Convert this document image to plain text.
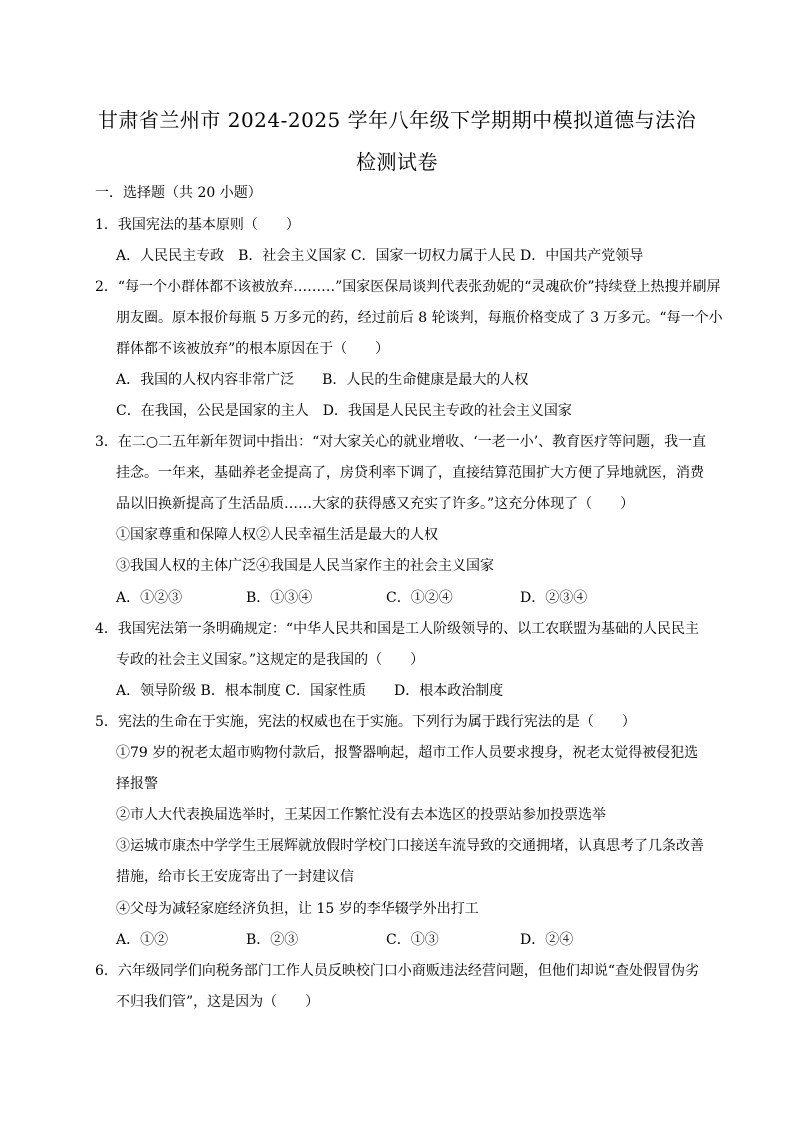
甘肃省兰州市 2024-2025 学年八年级下学期期中模拟道德与法治
检测试卷
一．选择题（共 20 小题）
1．我国宪法的基本原则（　　）
A．人民民主专政　B．社会主义国家 C．国家一切权力属于人民 D．中国共产党领导
2．“每一个小群体都不该被放弃………”国家医保局谈判代表张劲妮的“灵魂砍价”持续登上热搜并刷屏
朋友圈。原本报价每瓶 5 万多元的药，经过前后 8 轮谈判，每瓶价格变成了 3 万多元。“每一个小
群体都不该被放弃”的根本原因在于（　　）
A．我国的人权内容非常广泛　　B．人民的生命健康是最大的人权
C．在我国，公民是国家的主人　D．我国是人民民主专政的社会主义国家
3．在二○二五年新年贺词中指出：“对大家关心的就业增收、‘一老一小’、教育医疗等问题，我一直
挂念。一年来，基础养老金提高了，房贷利率下调了，直接结算范围扩大方便了异地就医，消费
品以旧换新提高了生活品质……大家的获得感又充实了许多。”这充分体现了（　　）
①国家尊重和保障人权②人民幸福生活是最大的人权
③我国人权的主体广泛④我国是人民当家作主的社会主义国家
A．①②③	B．①③④	C．①②④	D．②③④
4．我国宪法第一条明确规定：“中华人民共和国是工人阶级领导的、以工农联盟为基础的人民民主
专政的社会主义国家。”这规定的是我国的（　　）
A．领导阶级 B．根本制度 C．国家性质　　D．根本政治制度
5．宪法的生命在于实施，宪法的权威也在于实施。下列行为属于践行宪法的是（　　）
①79 岁的祝老太超市购物付款后，报警器响起，超市工作人员要求搜身，祝老太觉得被侵犯选
择报警
②市人大代表换届选举时，王某因工作繁忙没有去本选区的投票站参加投票选举
③运城市康杰中学学生王展辉就放假时学校门口接送车流导致的交通拥堵，认真思考了几条改善
措施，给市长王安庞寄出了一封建议信
④父母为减轻家庭经济负担，让 15 岁的李华辍学外出打工
A．①②	B．②③	C．①③	D．②④
6．六年级同学们向税务部门工作人员反映校门口小商贩违法经营问题，但他们却说“查处假冒伪劣
不归我们管”，这是因为（　　）
